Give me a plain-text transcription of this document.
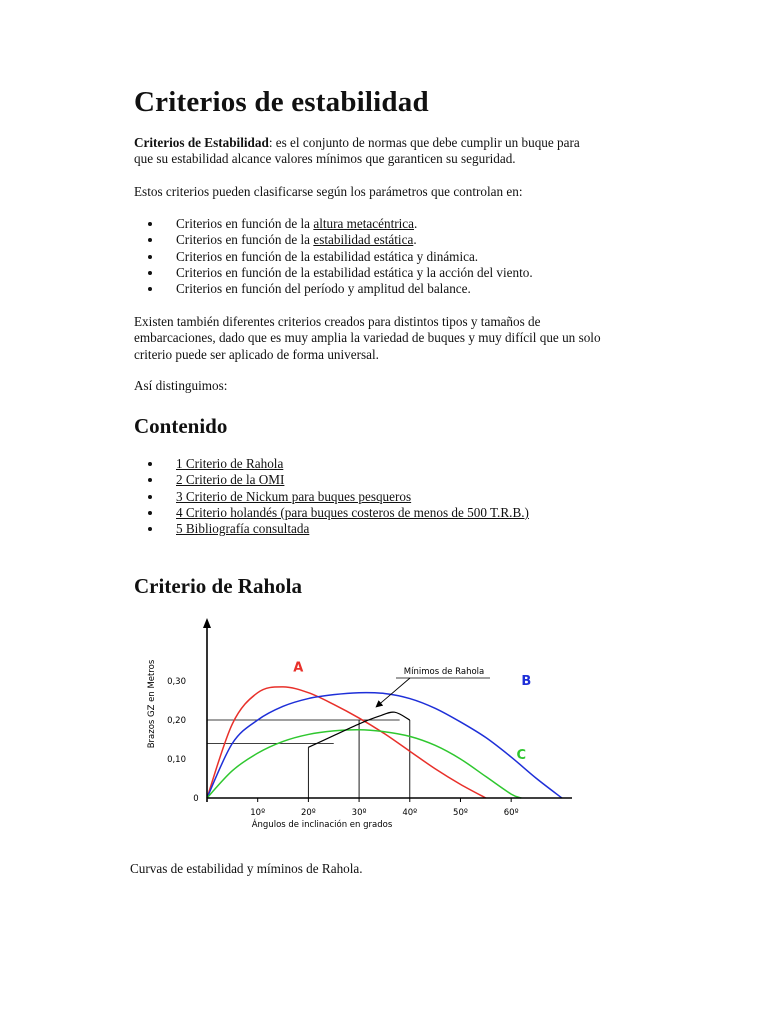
Criterios de estabilidad

Criterios de Estabilidad: es el conjunto de normas que debe cumplir un buque para
que su estabilidad alcance valores mínimos que garanticen su seguridad.

Estos criterios pueden clasificarse según los parámetros que controlan en:

Criterios en función de la altura metacéntrica.
Criterios en función de la estabilidad estática.
Criterios en función de la estabilidad estática y dinámica.
Criterios en función de la estabilidad estática y la acción del viento.
Criterios en función del período y amplitud del balance.

Existen también diferentes criterios creados para distintos tipos y tamaños de
embarcaciones, dado que es muy amplia la variedad de buques y muy difícil que un solo
criterio puede ser aplicado de forma universal.

Así distinguimos:

Contenido
1 Criterio de Rahola
2 Criterio de la OMI
3 Criterio de Nickum para buques pesqueros
4 Criterio holandés (para buques costeros de menos de 500 T.R.B.)
5 Bibliografía consultada
Criterio de Rahola
10º	20º	30º	40º	50º	60º
0,30
0,20
0,10
0
Ángulos de inclinación en grados
Brazos GZ en Metros	A
B
C
Mínimos de Rahola

Curvas de estabilidad y míminos de Rahola.
